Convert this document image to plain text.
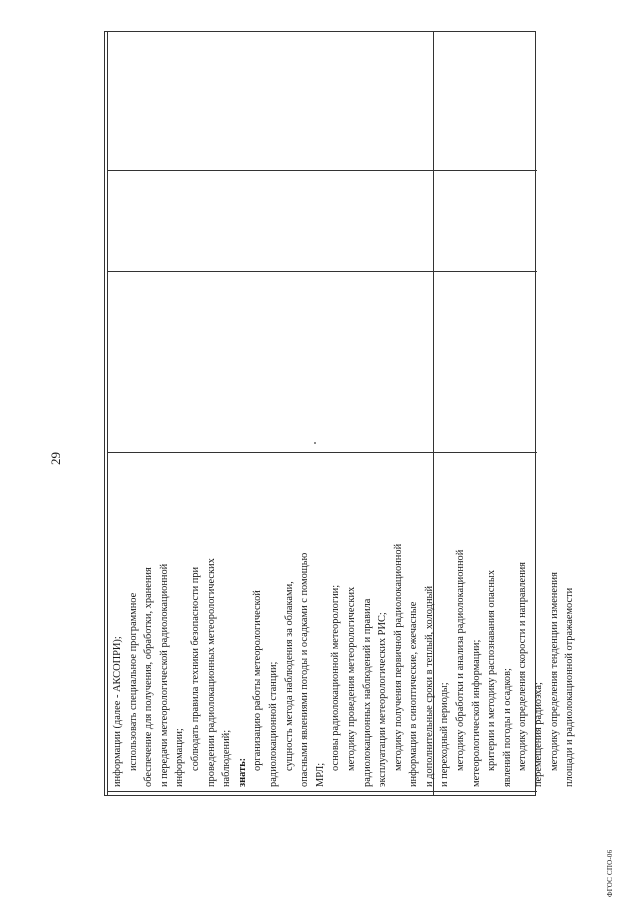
29
ФГОС СПО-06
информации (далее - АКСОПРИ); использовать специальное программное обеспечение для получения, обработки, хранения и передачи метеорологической радиолокационной информации; соблюдать правила техники безопасности при проведении радиолокационных метеорологических наблюдений; знать:
организацию работы метеорологической радиолокационной станции; сущность метода наблюдения за облаками, опасными явлениями погоды и осадками с помощью МРЛ;
основы радиолокационной метеорологии; методику проведения метеорологических радиолокационных наблюдений и правила эксплуатации метеорологических РИС; методику получения первичной радиолокационной информации в синоптические, ежечасные и дополнительные сроки в теплый, холодный и переходный периоды; методику обработки и анализа радиолокационной метеорологической информации; критерии и методику распознавания опасных явлений погоды и осадков; методику определения скорости и направления перемещения радиоэха; методику определения тенденции изменения площади и радиолокационной отражаемости
